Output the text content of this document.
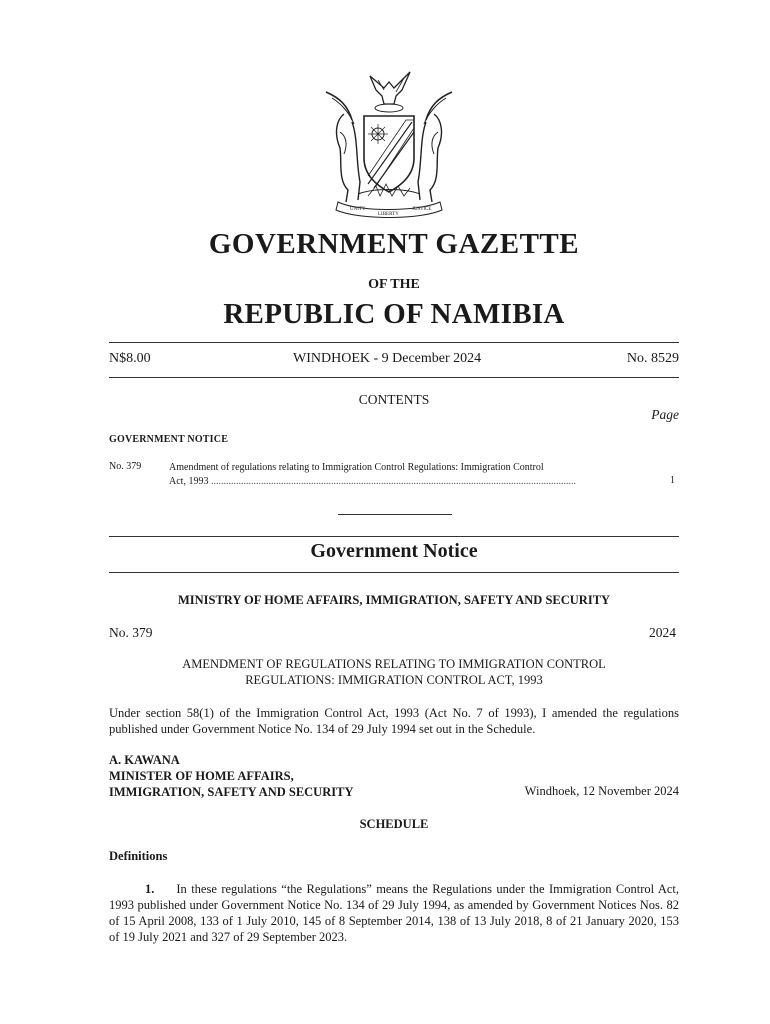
UNITY
LIBERTY
JUSTICE
GOVERNMENT GAZETTE
OF THE
REPUBLIC OF NAMIBIA
N$8.00	WINDHOEK - 9 December 2024	No. 8529
CONTENTS
Page
GOVERNMENT NOTICE
No. 379	Amendment of regulations relating to Immigration Control Regulations: Immigration Control
Act, 1993 ..................................................................................................................................................	1
Government Notice
MINISTRY OF HOME AFFAIRS, IMMIGRATION, SAFETY AND SECURITY
No. 379	2024
AMENDMENT OF REGULATIONS RELATING TO IMMIGRATION CONTROL
REGULATIONS: IMMIGRATION CONTROL ACT, 1993
Under section 58(1) of the Immigration Control Act, 1993 (Act No. 7 of 1993), I amended the regulations published under Government Notice No. 134 of 29 July 1994 set out in the Schedule.
A. KAWANA
MINISTER OF HOME AFFAIRS,
IMMIGRATION, SAFETY AND SECURITY	Windhoek, 12 November 2024
SCHEDULE
Definitions
1. In these regulations “the Regulations” means the Regulations under the Immigration Control Act, 1993 published under Government Notice No. 134 of 29 July 1994, as amended by Government Notices Nos. 82 of 15 April 2008, 133 of 1 July 2010, 145 of 8 September 2014, 138 of 13 July 2018, 8 of 21 January 2020, 153 of 19 July 2021 and 327 of 29 September 2023.
